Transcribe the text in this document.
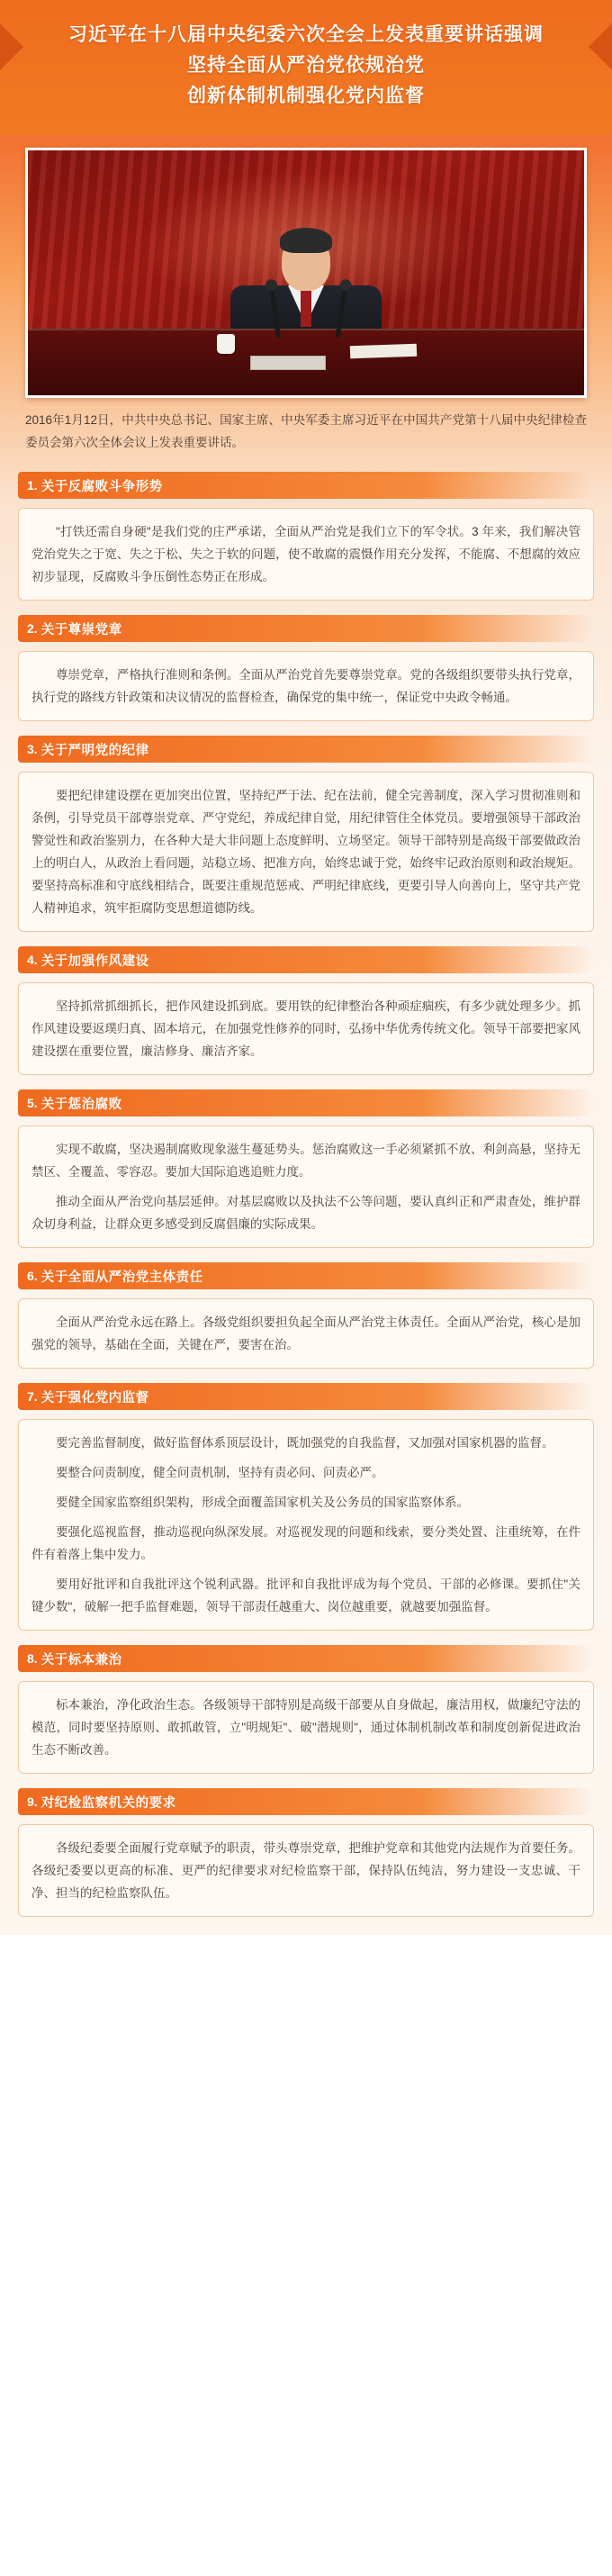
习近平在十八届中央纪委六次全会上发表重要讲话强调
坚持全面从严治党依规治党
创新体制机制强化党内监督
2016年1月12日，中共中央总书记、国家主席、中央军委主席习近平在中国共产党第十八届中央纪律检查委员会第六次全体会议上发表重要讲话。
1. 关于反腐败斗争形势

"打铁还需自身硬"是我们党的庄严承诺，全面从严治党是我们立下的军令状。3 年来，我们解决管党治党失之于宽、失之于松、失之于软的问题，使不敢腐的震慑作用充分发挥，不能腐、不想腐的效应初步显现，反腐败斗争压倒性态势正在形成。

2. 关于尊崇党章

尊崇党章，严格执行准则和条例。全面从严治党首先要尊崇党章。党的各级组织要带头执行党章，执行党的路线方针政策和决议情况的监督检查，确保党的集中统一，保证党中央政令畅通。

3. 关于严明党的纪律

要把纪律建设摆在更加突出位置，坚持纪严于法、纪在法前，健全完善制度，深入学习贯彻准则和条例，引导党员干部尊崇党章、严守党纪，养成纪律自觉，用纪律管住全体党员。要增强领导干部政治警觉性和政治鉴别力，在各种大是大非问题上态度鲜明、立场坚定。领导干部特别是高级干部要做政治上的明白人，从政治上看问题，站稳立场、把准方向，始终忠诚于党，始终牢记政治原则和政治规矩。要坚持高标准和守底线相结合，既要注重规范惩戒、严明纪律底线，更要引导人向善向上，坚守共产党人精神追求，筑牢拒腐防变思想道德防线。

4. 关于加强作风建设

坚持抓常抓细抓长，把作风建设抓到底。要用铁的纪律整治各种顽症痼疾，有多少就处理多少。抓作风建设要返璞归真、固本培元，在加强党性修养的同时，弘扬中华优秀传统文化。领导干部要把家风建设摆在重要位置，廉洁修身、廉洁齐家。

5. 关于惩治腐败

实现不敢腐，坚决遏制腐败现象滋生蔓延势头。惩治腐败这一手必须紧抓不放、利剑高悬，坚持无禁区、全覆盖、零容忍。要加大国际追逃追赃力度。

推动全面从严治党向基层延伸。对基层腐败以及执法不公等问题，要认真纠正和严肃查处，维护群众切身利益，让群众更多感受到反腐倡廉的实际成果。

6. 关于全面从严治党主体责任

全面从严治党永远在路上。各级党组织要担负起全面从严治党主体责任。全面从严治党，核心是加强党的领导，基础在全面，关键在严，要害在治。

7. 关于强化党内监督

要完善监督制度，做好监督体系顶层设计，既加强党的自我监督，又加强对国家机器的监督。

要整合问责制度，健全问责机制，坚持有责必问、问责必严。

要健全国家监察组织架构，形成全面覆盖国家机关及公务员的国家监察体系。

要强化巡视监督，推动巡视向纵深发展。对巡视发现的问题和线索，要分类处置、注重统筹，在件件有着落上集中发力。

要用好批评和自我批评这个锐利武器。批评和自我批评成为每个党员、干部的必修课。要抓住"关键少数"，破解一把手监督难题，领导干部责任越重大、岗位越重要，就越要加强监督。

8. 关于标本兼治

标本兼治，净化政治生态。各级领导干部特别是高级干部要从自身做起，廉洁用权，做廉纪守法的模范，同时要坚持原则、敢抓敢管，立"明规矩"、破"潜规则"，通过体制机制改革和制度创新促进政治生态不断改善。

9. 对纪检监察机关的要求

各级纪委要全面履行党章赋予的职责，带头尊崇党章，把维护党章和其他党内法规作为首要任务。各级纪委要以更高的标准、更严的纪律要求对纪检监察干部，保持队伍纯洁，努力建设一支忠诚、干净、担当的纪检监察队伍。
